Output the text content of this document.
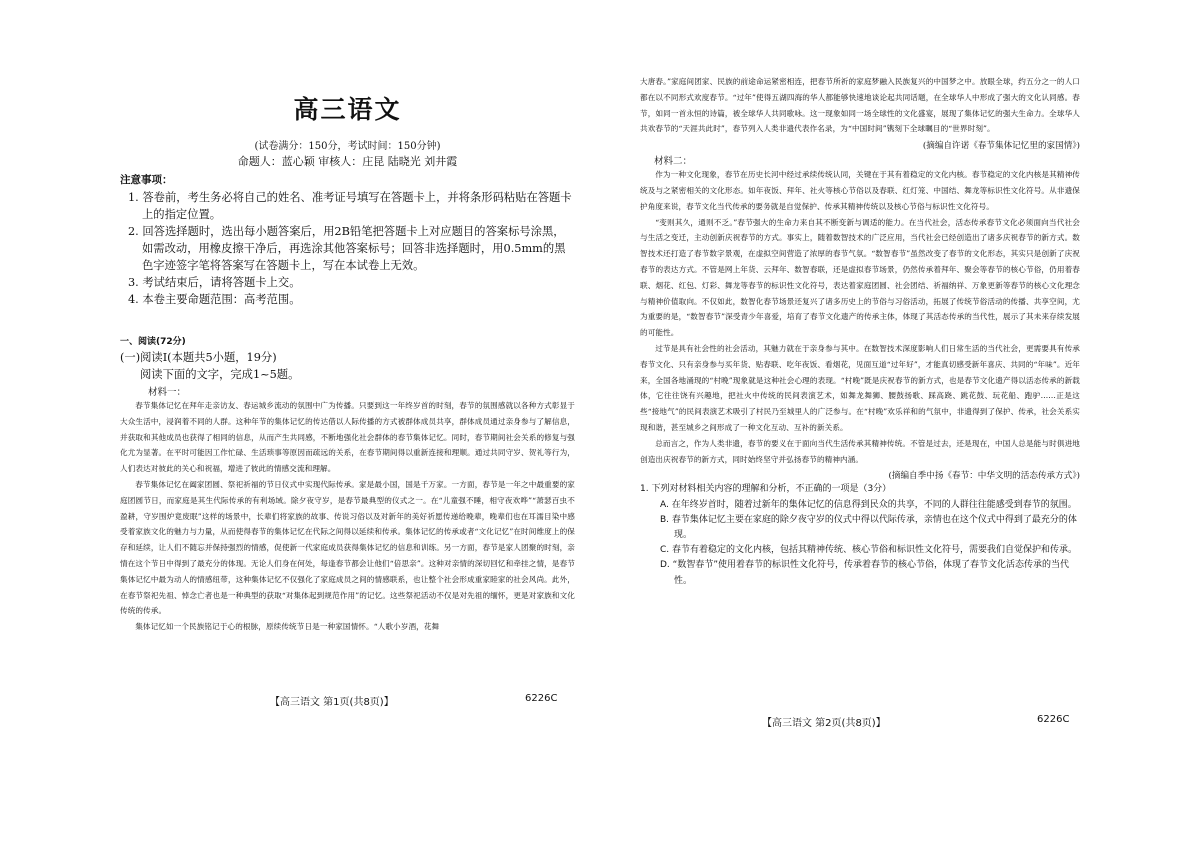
高三语文
(试卷满分：150分，考试时间：150分钟)
命题人：蓝心颖 审核人：庄昆 陆晓光 刘井霞
注意事项：

1. 答卷前，考生务必将自己的姓名、准考证号填写在答题卡上，并将条形码粘贴在答题卡上的指定位置。

2. 回答选择题时，选出每小题答案后，用2B铅笔把答题卡上对应题目的答案标号涂黑，如需改动，用橡皮擦干净后，再选涂其他答案标号；回答非选择题时，用0.5mm的黑色字迹签字笔将答案写在答题卡上，写在本试卷上无效。

3. 考试结束后，请将答题卡上交。

4. 本卷主要命题范围：高考范围。

一、阅读(72分)

(一)阅读Ⅰ(本题共5小题，19分)

阅读下面的文字，完成1~5题。

材料一：

春节集体记忆在拜年走亲访友、春运城乡流动的氛围中广为传播。只要到这一年终岁首的时刻，春节的氛围感就以各种方式彰显于大众生活中，浸润着不同的人群。这种年节的集体记忆的传达借以人际传播的方式被群体成员共享，群体成员通过亲身参与了解信息，并获取和其他成员也获得了相同的信息，从而产生共同感，不断地强化社会群体的春节集体记忆。同时，春节期间社会关系的修复与强化尤为显著。在平时可能因工作忙碌、生活琐事等原因而疏远的关系，在春节期间得以重新连接和理顺。通过共同守岁、贺礼等行为，人们表达对彼此的关心和祝福，增进了彼此的情感交流和理解。

春节集体记忆在阖家团圆、祭祀祈福的节日仪式中实现代际传承。家是最小国，国是千万家。一方面，春节是一年之中最重要的家庭团圆节日，而家庭是其生代际传承的有利场域。除夕夜守岁，是春节最典型的仪式之一。在“儿童强不睡，相守夜欢哗”“萧瑟百虫不盈耕，守岁围炉竟废眠”这样的场景中，长辈们将家族的故事、传说习俗以及对新年的美好祈愿传递给晚辈，晚辈们也在耳濡目染中感受着家族文化的魅力与力量，从而使得春节的集体记忆在代际之间得以延续和传承。集体记忆的传承或者“文化记忆”在时间维度上的保存和延续，让人们不随忘并保持强烈的情感，促使新一代家庭成员获得集体记忆的信息和训练。另一方面，春节是家人团聚的时刻，亲情在这个节日中得到了最充分的体现。无论人们身在何处，每逢春节都会让他们“倍思亲”。这种对亲情的深切回忆和牵挂之情，是春节集体记忆中最为动人的情感纽带，这种集体记忆不仅强化了家庭成员之间的情感联系，也让整个社会形成重家睦家的社会风尚。此外，在春节祭祀先祖、悼念亡者也是一种典型的获取“对集体起到规范作用”的记忆。这些祭祀活动不仅是对先祖的缅怀，更是对家族和文化传统的传承。

集体记忆如一个民族铭记于心的根脉，原续传统节日是一种家国情怀。“人歌小岁酒，花舞

【高三语文 第1页(共8页)】	6226C

大唐春。”家庭间团家、民族的前途命运紧密相连，把春节所祈的家庭梦融入民族复兴的中国梦之中。放眼全球，约五分之一的人口都在以不同形式欢度春节。“过年”使得五湖四海的华人都能够快速地谈论起共同话题，在全球华人中形成了强大的文化认同感。春节，如同一首永恒的诗篇，被全球华人共同歌咏。这一现象如同一场全球性的文化盛宴，展现了集体记忆的强大生命力。全球华人共欢春节的“天涯共此时”，春节列入人类非遗代表作名录，为“中国时间”镌刻下全球瞩目的“世界时刻”。

(摘编自许诺《春节集体记忆里的家国情》)

材料二：

作为一种文化现象，春节在历史长河中经过承续传统认同，关键在于其有着稳定的文化内核。春节稳定的文化内核是其精神传统及与之紧密相关的文化形态。如年夜饭、拜年、社火等核心节俗以及春联、红灯笼、中国结、舞龙等标识性文化符号。从非遗保护角度来说，春节文化当代传承的要务就是自觉保护、传承其精神传统以及核心节俗与标识性文化符号。

“变则其久，通则不乏。”春节强大的生命力来自其不断变新与调适的能力。在当代社会，活态传承春节文化必须面向当代社会与生活之变迁，主动创新庆祝春节的方式。事实上，随着数智技术的广泛应用，当代社会已经创造出了诸多庆祝春节的新方式。数智技术还打造了春节数字景观，在虚拟空间营造了浓厚的春节气氛。“数智春节”虽然改变了春节的文化形态，其实只是创新了庆祝春节的表达方式。不管是网上年货、云拜年、数智春联，还是虚拟春节场景，仍然传承着拜年、聚会等春节的核心节俗，仍用着春联、烟花、红包、灯彩、舞龙等春节的标识性文化符号，表达着家庭团圆、社会团结、祈福纳祥、万象更新等春节的核心文化理念与精神价值取向。不仅如此，数智化春节场景还复兴了诸多历史上的节俗与习俗活动，拓展了传统节俗活动的传播、共享空间，尤为重要的是，“数智春节”深受青少年喜爱，培育了春节文化遗产的传承主体，体现了其活态传承的当代性，展示了其未来存续发展的可能性。

过节是具有社会性的社会活动，其魅力就在于亲身参与其中。在数智技术深度影响人们日常生活的当代社会，更需要具有传承春节文化、只有亲身参与买年货、贴春联、吃年夜饭、看烟花，见面互道“过年好”，才能真切感受新年喜庆、共同的“年味”。近年来，全国各地涌现的“村晚”现象就是这种社会心理的表现。“村晚”既是庆祝春节的新方式，也是春节文化遗产得以活态传承的新载体，它往往饶有兴趣地，把社火中传统的民间表演艺术，如舞龙舞狮、腰鼓扬歌、踩高跷、跳花鼓、玩花船、跑驴……正是这些“接地气”的民间表演艺术吸引了村民乃至城里人的广泛参与。在“村晚”欢乐祥和的气氛中，非遗得到了保护、传承，社会关系实现和谐，甚至城乡之间形成了一种文化互动、互补的新关系。

总而言之，作为人类非遗，春节的要义在于面向当代生活传承其精神传统。不管是过去，还是现在，中国人总是能与时俱进地创造出庆祝春节的新方式，同时始终坚守并弘扬春节的精神内涵。

(摘编自季中扬《春节：中华文明的活态传承方式》)

1. 下列对材料相关内容的理解和分析，不正确的一项是（3分）

A. 在年终岁首时，随着过新年的集体记忆的信息得到民众的共享，不同的人群往往能感受到春节的氛围。

B. 春节集体记忆主要在家庭的除夕夜守岁的仪式中得以代际传承，亲情也在这个仪式中得到了最充分的体现。

C. 春节有着稳定的文化内核，包括其精神传统、核心节俗和标识性文化符号，需要我们自觉保护和传承。

D. “数智春节”使用着春节的标识性文化符号，传承着春节的核心节俗，体现了春节文化活态传承的当代性。

【高三语文 第2页(共8页)】	6226C
